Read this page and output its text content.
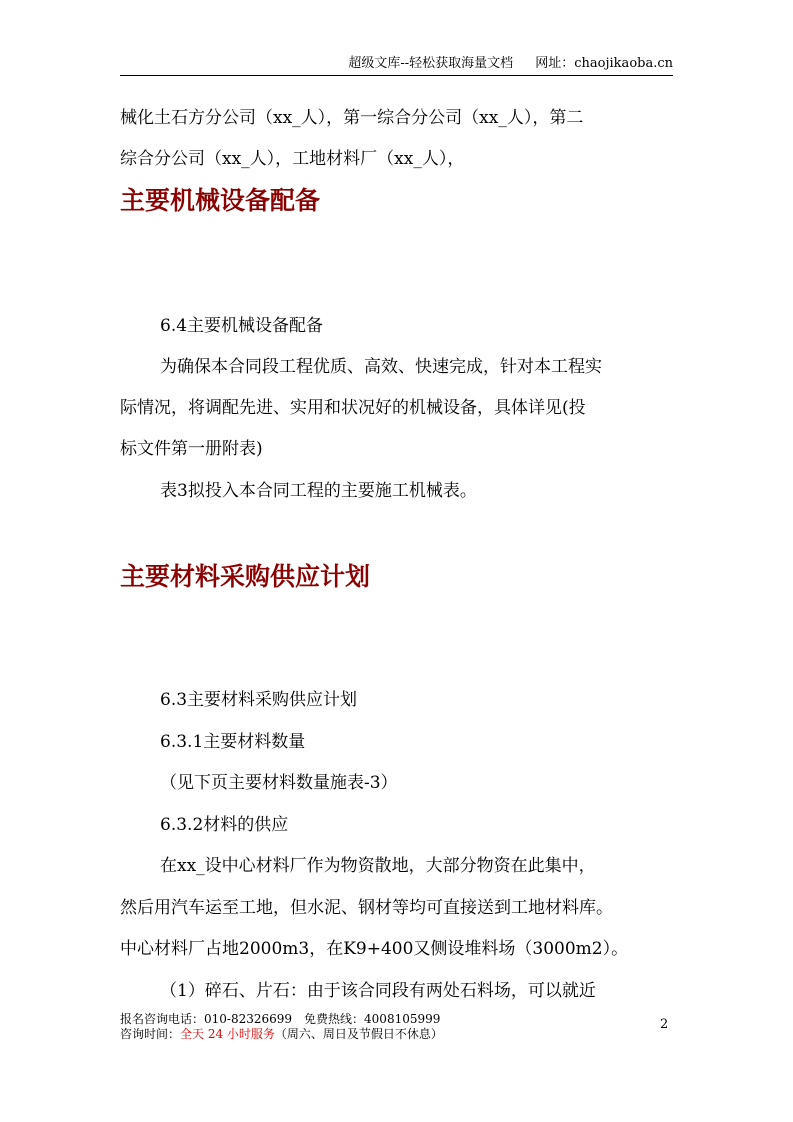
超级文库--轻松获取海量文档 网址：chaojikaoba.cn
械化土石方分公司（xx_人），第一综合分公司（xx_人），第二
综合分公司（xx_人），工地材料厂（xx_人），
主要机械设备配备
6.4主要机械设备配备
为确保本合同段工程优质、高效、快速完成，针对本工程实
际情况，将调配先进、实用和状况好的机械设备，具体详见(投
标文件第一册附表)
表3拟投入本合同工程的主要施工机械表。
主要材料采购供应计划
6.3主要材料采购供应计划
6.3.1主要材料数量
（见下页主要材料数量施表-3）
6.3.2材料的供应
在xx_设中心材料厂作为物资散地，大部分物资在此集中，
然后用汽车运至工地，但水泥、钢材等均可直接送到工地材料库。
中心材料厂占地2000m3，在K9+400又侧设堆料场（3000m2）。
（1）碎石、片石：由于该合同段有两处石料场，可以就近
报名咨询电话：010-82326699　免费热线：4008105999
咨询时间：全天 24 小时服务（周六、周日及节假日不休息）
2
